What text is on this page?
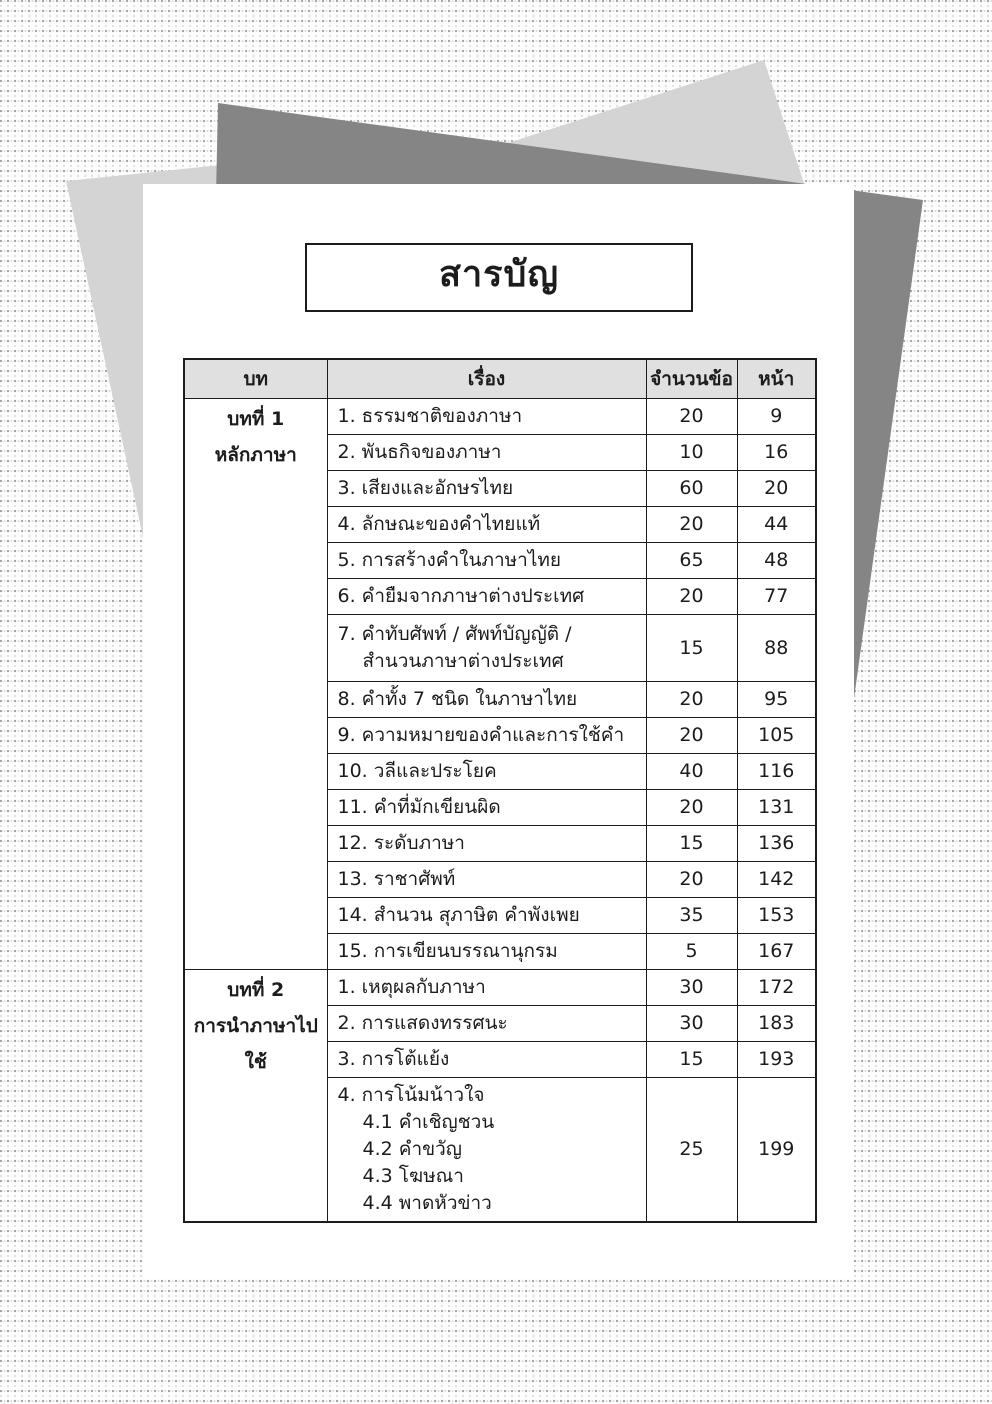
สารบัญ
บท	เรื่อง	จำนวนข้อ	หน้า

บทที่ 1
หลักภาษา	1. ธรรมชาติของภาษา	20	9

	2. พันธกิจของภาษา	10	16

	3. เสียงและอักษรไทย	60	20

	4. ลักษณะของคำไทยแท้	20	44

	5. การสร้างคำในภาษาไทย	65	48

	6. คำยืมจากภาษาต่างประเทศ	20	77

	7. คำทับศัพท์ / ศัพท์บัญญัติ /
สำนวนภาษาต่างประเทศ	15	88

	8. คำทั้ง 7 ชนิด ในภาษาไทย	20	95

	9. ความหมายของคำและการใช้คำ	20	105

	10. วลีและประโยค	40	116

	11. คำที่มักเขียนผิด	20	131

	12. ระดับภาษา	15	136

	13. ราชาศัพท์	20	142

	14. สำนวน สุภาษิต คำพังเพย	35	153

	15. การเขียนบรรณานุกรม	5	167

บทที่ 2
การนำภาษาไปใช้	1. เหตุผลกับภาษา	30	172

	2. การแสดงทรรศนะ	30	183

	3. การโต้แย้ง	15	193

	4. การโน้มน้าวใจ
4.1 คำเชิญชวน
4.2 คำขวัญ
4.3 โฆษณา
4.4 พาดหัวข่าว	25	199
